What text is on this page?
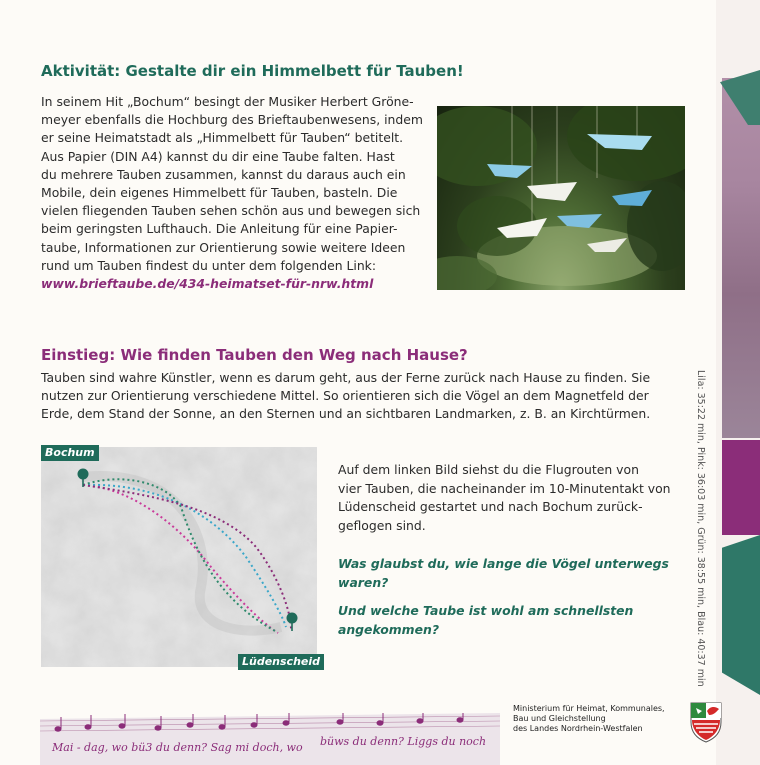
Lila: 35:22 min, Pink: 36:03 min, Grün: 38:55 min, Blau: 40:37 min
Aktivität: Gestalte dir ein Himmelbett für Tauben!

In seinem Hit „Bochum“ besingt der Musiker Herbert Gröne-
meyer ebenfalls die Hochburg des Brieftaubenwesens, indem
er seine Heimatstadt als „Himmelbett für Tauben“ betitelt.
Aus Papier (DIN A4) kannst du dir eine Taube falten. Hast
du mehrere Tauben zusammen, kannst du daraus auch ein
Mobile, dein eigenes Himmelbett für Tauben, basteln. Die
vielen fliegenden Tauben sehen schön aus und bewegen sich
beim geringsten Lufthauch. Die Anleitung für eine Papier-
taube, Informationen zur Orientierung sowie weitere Ideen
rund um Tauben findest du unter dem folgenden Link:
www.brieftaube.de/434-heimatset-für-nrw.html

Einstieg: Wie finden Tauben den Weg nach Hause?

Tauben sind wahre Künstler, wenn es darum geht, aus der Ferne zurück nach Hause zu finden. Sie
nutzen zur Orientierung verschiedene Mittel. So orientieren sich die Vögel an dem Magnetfeld der
Erde, dem Stand der Sonne, an den Sternen und an sichtbaren Landmarken, z. B. an Kirchtürmen.

Bochum
Lüdenscheid

Auf dem linken Bild siehst du die Flugrouten von
vier Tauben, die nacheinander im 10-Minutentakt von
Lüdenscheid gestartet und nach Bochum zurück-
geflogen sind.

Was glaubst du, wie lange die Vögel unterwegs
waren?

Und welche Taube ist wohl am schnellsten
angekommen?

Mai - dag, wo bü3 du denn? Sag mi doch, wo büws du denn? Liggs du noch
Ministerium für Heimat, Kommunales,
Bau und Gleichstellung
des Landes Nordrhein-Westfalen
